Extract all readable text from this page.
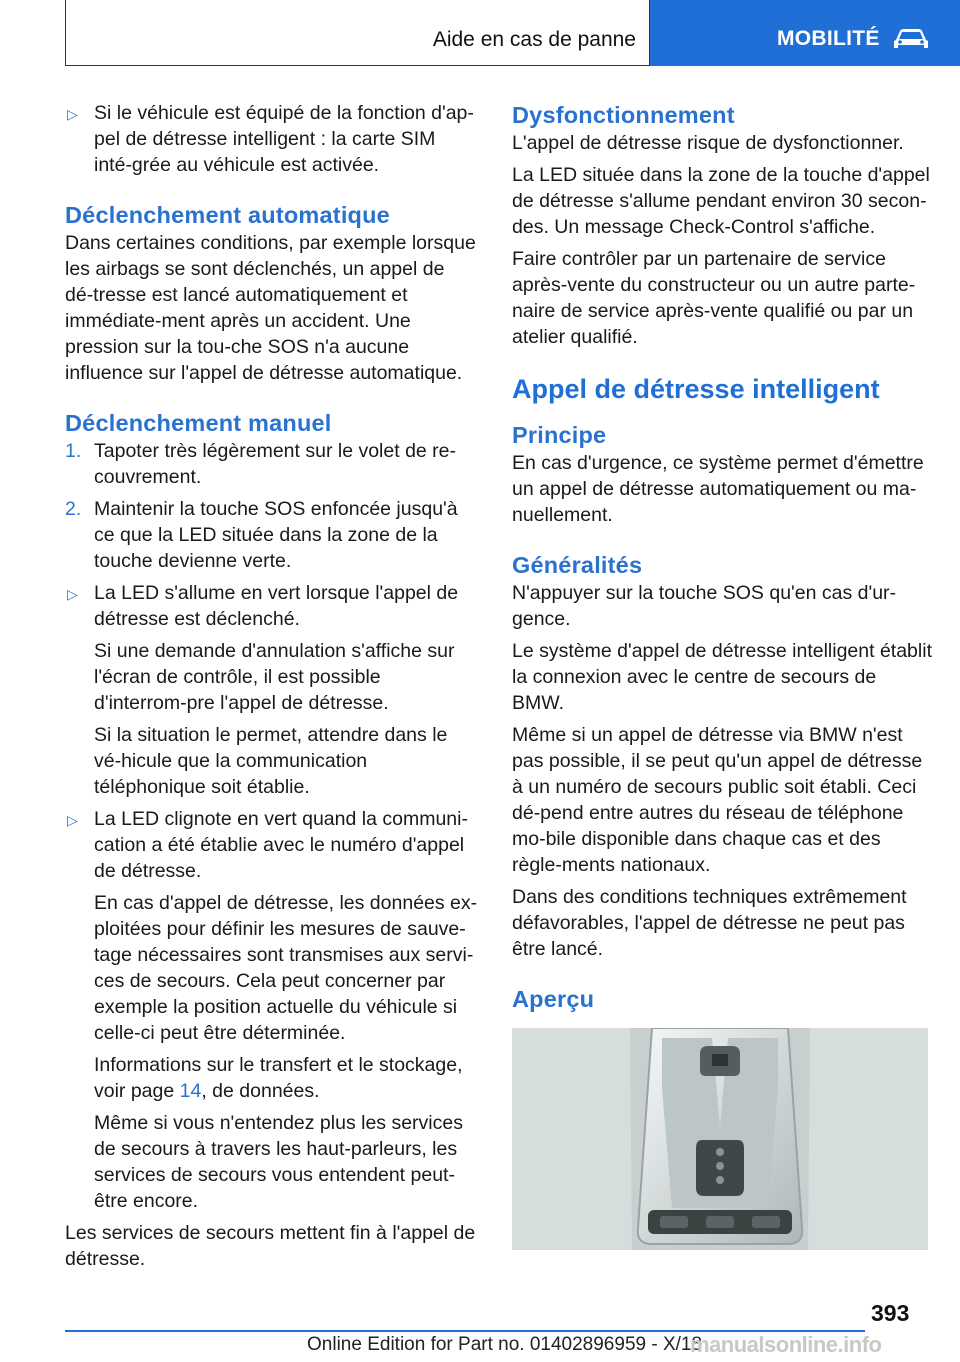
Aide en cas de panne	MOBILITÉ
▷ Si le véhicule est équipé de la fonction d'ap-pel de détresse intelligent : la carte SIM inté-grée au véhicule est activée.

Déclenchement automatique

Dans certaines conditions, par exemple lorsque les airbags se sont déclenchés, un appel de dé-tresse est lancé automatiquement et immédiate-ment après un accident. Une pression sur la tou-che SOS n'a aucune influence sur l'appel de détresse automatique.

Déclenchement manuel
1. Tapoter très légèrement sur le volet de re-couvrement.

2. Maintenir la touche SOS enfoncée jusqu'à ce que la LED située dans la zone de la touche devienne verte.

▷ La LED s'allume en vert lorsque l'appel de détresse est déclenché.

Si une demande d'annulation s'affiche sur l'écran de contrôle, il est possible d'interrom-pre l'appel de détresse.

Si la situation le permet, attendre dans le vé-hicule que la communication téléphonique soit établie.

▷ La LED clignote en vert quand la communi-cation a été établie avec le numéro d'appel de détresse.

En cas d'appel de détresse, les données ex-ploitées pour définir les mesures de sauve-tage nécessaires sont transmises aux servi-ces de secours. Cela peut concerner par exemple la position actuelle du véhicule si celle-ci peut être déterminée.

Informations sur le transfert et le stockage, voir page 14, de données.

Même si vous n'entendez plus les services de secours à travers les haut-parleurs, les services de secours vous entendent peut-être encore.

Les services de secours mettent fin à l'appel de détresse.

Dysfonctionnement

L'appel de détresse risque de dysfonctionner.

La LED située dans la zone de la touche d'appel de détresse s'allume pendant environ 30 secon-des. Un message Check-Control s'affiche.

Faire contrôler par un partenaire de service après-vente du constructeur ou un autre parte-naire de service après-vente qualifié ou par un atelier qualifié.

Appel de détresse intelligent
Principe

En cas d'urgence, ce système permet d'émettre un appel de détresse automatiquement ou ma-nuellement.

Généralités

N'appuyer sur la touche SOS qu'en cas d'ur-gence.

Le système d'appel de détresse intelligent établit la connexion avec le centre de secours de BMW.

Même si un appel de détresse via BMW n'est pas possible, il se peut qu'un appel de détresse à un numéro de secours public soit établi. Ceci dé-pend entre autres du réseau de téléphone mo-bile disponible dans chaque cas et des règle-ments nationaux.

Dans des conditions techniques extrêmement défavorables, l'appel de détresse ne peut pas être lancé.

Aperçu
393
Online Edition for Part no. 01402896959 - X/18
manualsonline.info
